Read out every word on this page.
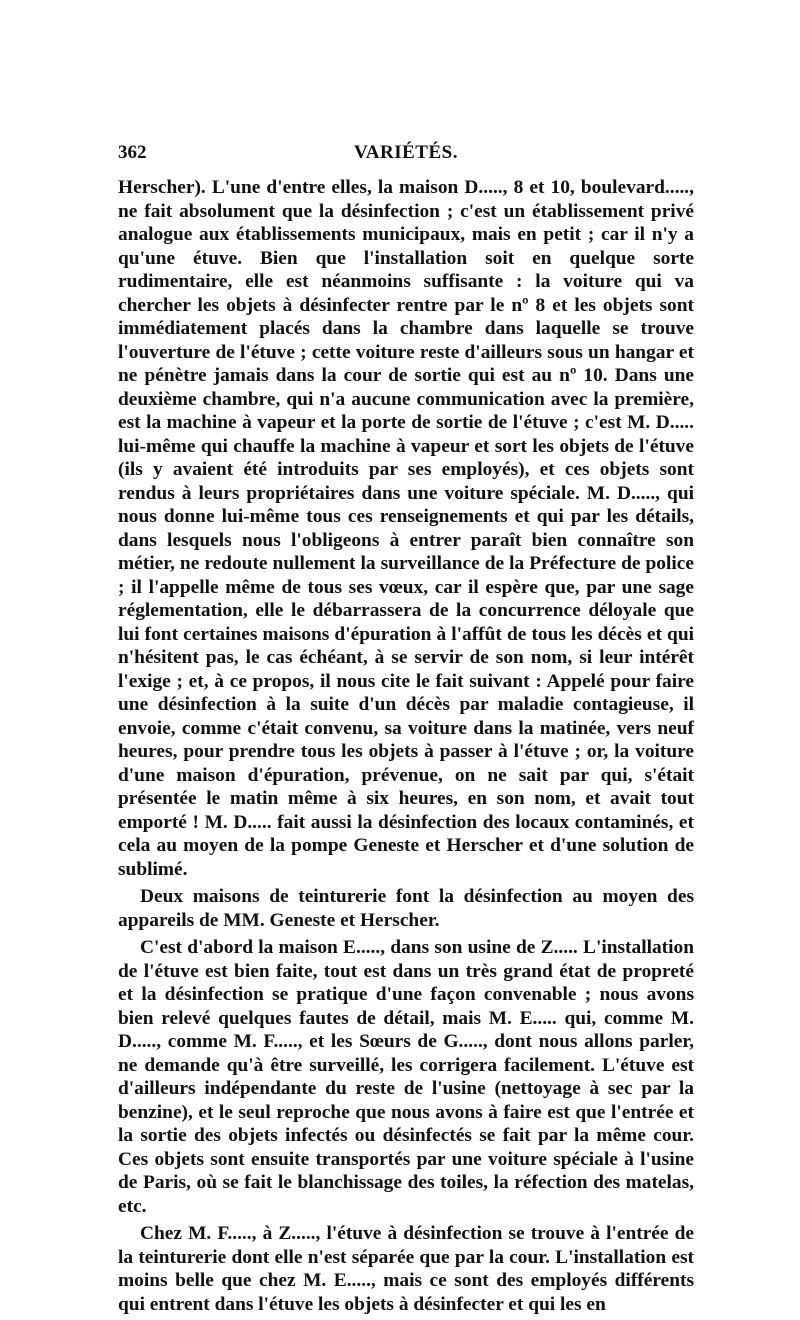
362	VARIÉTÉS.

Herscher). L'une d'entre elles, la maison D....., 8 et 10, boulevard....., ne fait absolument que la désinfection ; c'est un établissement privé analogue aux établissements municipaux, mais en petit ; car il n'y a qu'une étuve. Bien que l'installation soit en quelque sorte rudimentaire, elle est néanmoins suffisante : la voiture qui va chercher les objets à désinfecter rentre par le nº 8 et les objets sont immédiatement placés dans la chambre dans laquelle se trouve l'ouverture de l'étuve ; cette voiture reste d'ailleurs sous un hangar et ne pénètre jamais dans la cour de sortie qui est au nº 10. Dans une deuxième chambre, qui n'a aucune communication avec la première, est la machine à vapeur et la porte de sortie de l'étuve ; c'est M. D..... lui-même qui chauffe la machine à vapeur et sort les objets de l'étuve (ils y avaient été introduits par ses employés), et ces objets sont rendus à leurs propriétaires dans une voiture spéciale. M. D....., qui nous donne lui-même tous ces renseignements et qui par les détails, dans lesquels nous l'obligeons à entrer paraît bien connaître son métier, ne redoute nullement la surveillance de la Préfecture de police ; il l'appelle même de tous ses vœux, car il espère que, par une sage réglementation, elle le débarrassera de la concurrence déloyale que lui font certaines maisons d'épuration à l'affût de tous les décès et qui n'hésitent pas, le cas échéant, à se servir de son nom, si leur intérêt l'exige ; et, à ce propos, il nous cite le fait suivant : Appelé pour faire une désinfection à la suite d'un décès par maladie contagieuse, il envoie, comme c'était convenu, sa voiture dans la matinée, vers neuf heures, pour prendre tous les objets à passer à l'étuve ; or, la voiture d'une maison d'épuration, prévenue, on ne sait par qui, s'était présentée le matin même à six heures, en son nom, et avait tout emporté ! M. D..... fait aussi la désinfection des locaux contaminés, et cela au moyen de la pompe Geneste et Herscher et d'une solution de sublimé.

Deux maisons de teinturerie font la désinfection au moyen des appareils de MM. Geneste et Herscher.

C'est d'abord la maison E....., dans son usine de Z..... L'installation de l'étuve est bien faite, tout est dans un très grand état de propreté et la désinfection se pratique d'une façon convenable ; nous avons bien relevé quelques fautes de détail, mais M. E..... qui, comme M. D....., comme M. F....., et les Sœurs de G....., dont nous allons parler, ne demande qu'à être surveillé, les corrigera facilement. L'étuve est d'ailleurs indépendante du reste de l'usine (nettoyage à sec par la benzine), et le seul reproche que nous avons à faire est que l'entrée et la sortie des objets infectés ou désinfectés se fait par la même cour. Ces objets sont ensuite transportés par une voiture spéciale à l'usine de Paris, où se fait le blanchissage des toiles, la réfection des matelas, etc.

Chez M. F....., à Z....., l'étuve à désinfection se trouve à l'entrée de la teinturerie dont elle n'est séparée que par la cour. L'installation est moins belle que chez M. E....., mais ce sont des employés différents qui entrent dans l'étuve les objets à désinfecter et qui les en
